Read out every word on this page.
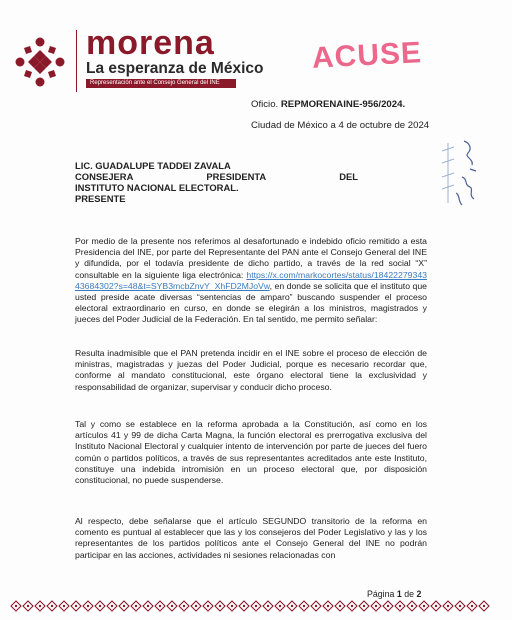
morena
La esperanza de México
Representación ante el Consejo General del INE
ACUSE
Oficio. REPMORENAINE-956/2024.
Ciudad de México a 4 de octubre de 2024
LIC. GUADALUPE TADDEI ZAVALA
CONSEJERA PRESIDENTA DEL
INSTITUTO NACIONAL ELECTORAL.
PRESENTE
Por medio de la presente nos referimos al desafortunado e indebido oficio remitido a esta Presidencia del INE, por parte del Representante del PAN ante el Consejo General del INE y difundida, por el todavía presidente de dicho partido, a través de la red social “X” consultable en la siguiente liga electrónica: https://x.com/markocortes/status/1842227934343684302?s=48&t=SYB3mcbZnvY_XhFD2MJoVw, en donde se solicita que el instituto que usted preside acate diversas “sentencias de amparo” buscando suspender el proceso electoral extraordinario en curso, en donde se elegirán a los ministros, magistrados y jueces del Poder Judicial de la Federación. En tal sentido, me permito señalar:
Resulta inadmisible que el PAN pretenda incidir en el INE sobre el proceso de elección de ministras, magistradas y juezas del Poder Judicial, porque es necesario recordar que, conforme al mandato constitucional, este órgano electoral tiene la exclusividad y responsabilidad de organizar, supervisar y conducir dicho proceso.
Tal y como se establece en la reforma aprobada a la Constitución, así como en los artículos 41 y 99 de dicha Carta Magna, la función electoral es prerrogativa exclusiva del Instituto Nacional Electoral y cualquier intento de intervención por parte de jueces del fuero común o partidos políticos, a través de sus representantes acreditados ante este Instituto, constituye una indebida intromisión en un proceso electoral que, por disposición constitucional, no puede suspenderse.
Al respecto, debe señalarse que el artículo SEGUNDO transitorio de la reforma en comento es puntual al establecer que las y los consejeros del Poder Legislativo y las y los representantes de los partidos políticos ante el Consejo General del INE no podrán participar en las acciones, actividades ni sesiones relacionadas con
Página 1 de 2
